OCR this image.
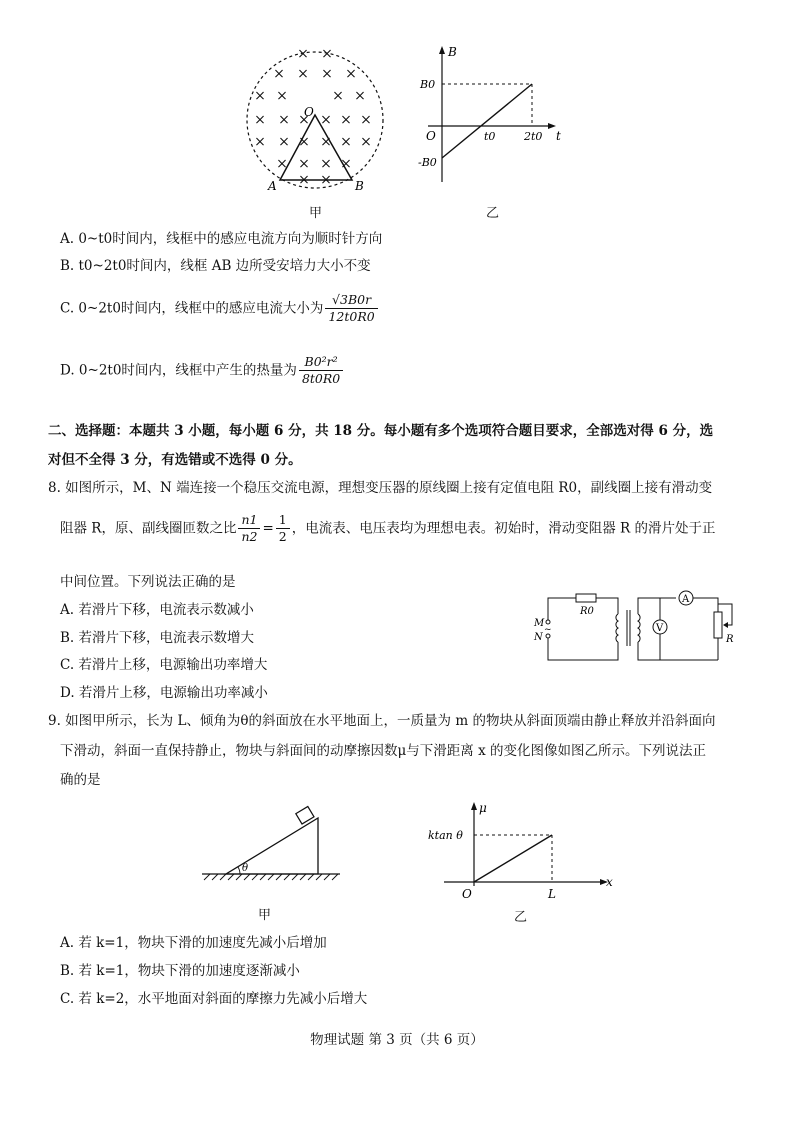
× ×
× × × ×
× ×	× ×
× × × × × ×
× × × × × ×
× × × ×
× ×
O
A	B
甲
B
t
O
B0
-B0
t0	2t0
乙
A. 0~t0时间内，线框中的感应电流方向为顺时针方向
B. t0~2t0时间内，线框 AB 边所受安培力大小不变
C. 0~2t0时间内，线框中的感应电流大小为 $\frac{√3B0r}{12t0R0}$
D. 0~2t0时间内，线框中产生的热量为 $\frac{\text{B0²r²}}{8t0R0}$
二、选择题：本题共 3 小题，每小题 6 分，共 18 分。每小题有多个选项符合题目要求，全部选对得 6 分，选
对但不全得 3 分，有选错或不选得 0 分。
8. 如图所示，M、N 端连接一个稳压交流电源，理想变压器的原线圈上接有定值电阻 R0，副线圈上接有滑动变
阻器 R，原、副线圈匝数之比 $\frac{n1}{n2} = \frac{1}{2}$ ，电流表、电压表均为理想电表。初始时，滑动变阻器 R 的滑片处于正
中间位置。下列说法正确的是
A. 若滑片下移，电流表示数减小
B. 若滑片下移，电流表示数增大
C. 若滑片上移，电源输出功率增大
D. 若滑片上移，电源输出功率减小
M
N
~
R0
A
V
R
9. 如图甲所示，长为 L、倾角为θ的斜面放在水平地面上，一质量为 m 的物块从斜面顶端由静止释放并沿斜面向
下滑动，斜面一直保持静止，物块与斜面间的动摩擦因数μ与下滑距离 x 的变化图像如图乙所示。下列说法正
确的是
θ
甲
μ
ktan θ
O	L
x
乙
A. 若 k=1，物块下滑的加速度先减小后增加
B. 若 k=1，物块下滑的加速度逐渐减小
C. 若 k=2，水平地面对斜面的摩擦力先减小后增大
物理试题 第 3 页（共 6 页）
